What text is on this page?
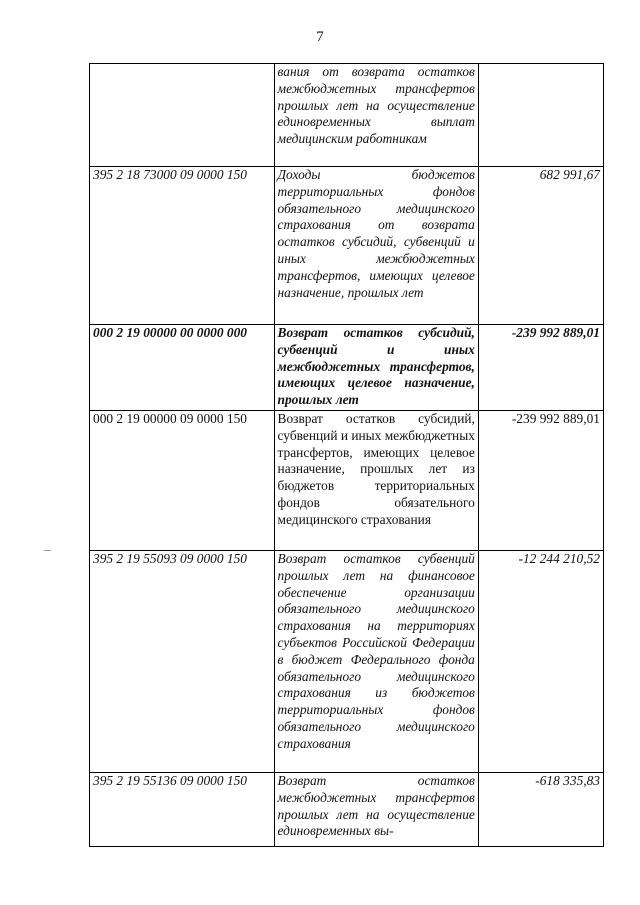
7
	вания от возврата остатков межбюджетных трансфертов прошлых лет на осуществление единовременных выплат медицинским работникам	
395 2 18 73000 09 0000 150	Доходы бюджетов территориальных фондов обязательного медицинского страхования от возврата остатков субсидий, субвенций и иных межбюджетных трансфертов, имеющих целевое назначение, прошлых лет	682 991,67
000 2 19 00000 00 0000 000	Возврат остатков субсидий, субвенций и иных межбюджетных трансфертов, имеющих целевое назначение, прошлых лет	-239 992 889,01
000 2 19 00000 09 0000 150	Возврат остатков субсидий, субвенций и иных межбюджетных трансфертов, имеющих целевое назначение, прошлых лет из бюджетов территориальных фондов обязательного медицинского страхования	-239 992 889,01
395 2 19 55093 09 0000 150	Возврат остатков субвенций прошлых лет на финансовое обеспечение организации обязательного медицинского страхования на территориях субъектов Российской Федерации в бюджет Федерального фонда обязательного медицинского страхования из бюджетов территориальных фондов обязательного медицинского страхования	-12 244 210,52
395 2 19 55136 09 0000 150	Возврат остатков межбюджетных трансфертов прошлых лет на осуществление единовременных вы-	-618 335,83
